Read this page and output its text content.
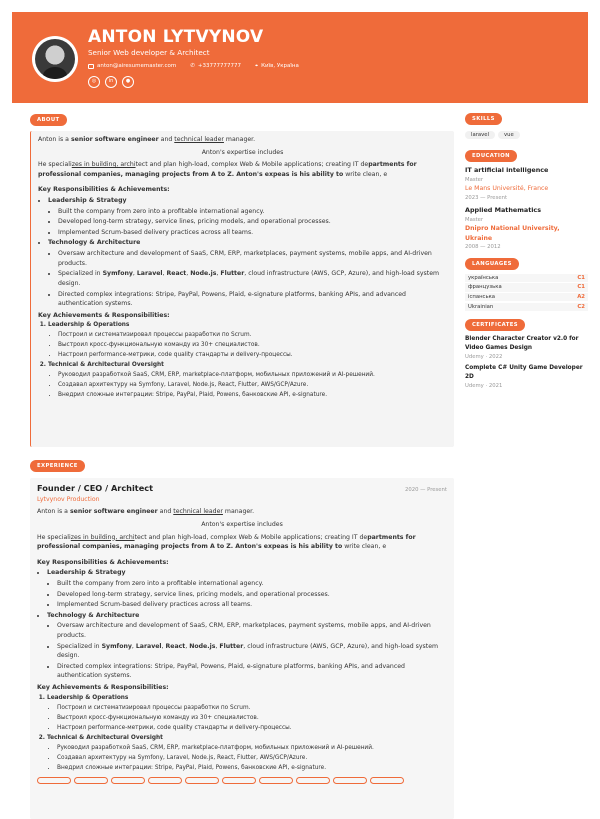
ANTON LYTVYNOV
Senior Web developer & Architect
anton@airesumemaster.com	✆ +33777777777	⌖ Київ, Україна
◎	in	●
ABOUT
Anton is a senior software engineer and technical leader manager.
Anton's expertise includes
He specializes in building, architect and plan high-load, complex Web & Mobile applications; creating IT departments for professional companies, managing projects from A to Z. Anton's expeas is his ability to write clean, e
Key Responsibilities & Achievements:
• Leadership & Strategy
• Built the company from zero into a profitable international agency.
• Developed long-term strategy, service lines, pricing models, and operational processes.
• Implemented Scrum-based delivery practices across all teams.
• Technology & Architecture
• Oversaw architecture and development of SaaS, CRM, ERP, marketplaces, payment systems, mobile apps, and AI-driven products.
• Specialized in Symfony, Laravel, React, Node.js, Flutter, cloud infrastructure (AWS, GCP, Azure), and high-load system design.
• Directed complex integrations: Stripe, PayPal, Powens, Plaid, e-signature platforms, banking APIs, and advanced authentication systems.
Key Achievements & Responsibilities:
1. Leadership & Operations
• Построил и систематизировал процессы разработки по Scrum.
• Выстроил кросс-функциональную команду из 30+ специалистов.
• Настроил performance-метрики, code quality стандарты и delivery-процессы.
2. Technical & Architectural Oversight
• Руководил разработкой SaaS, CRM, ERP, marketplace-платформ, мобильных приложений и AI-решений.
• Создавал архитектуру на Symfony, Laravel, Node.js, React, Flutter, AWS/GCP/Azure.
• Внедрил сложные интеграции: Stripe, PayPal, Plaid, Powens, банковские API, e-signature.
EXPERIENCE
Founder / CEO / Architect	2020 — Present
Lytvynov Production
Anton is a senior software engineer and technical leader manager.
Anton's expertise includes
He specializes in building, architect and plan high-load, complex Web & Mobile applications; creating IT departments for professional companies, managing projects from A to Z. Anton's expeas is his ability to write clean, e
Key Responsibilities & Achievements:
• Leadership & Strategy
• Built the company from zero into a profitable international agency.
• Developed long-term strategy, service lines, pricing models, and operational processes.
• Implemented Scrum-based delivery practices across all teams.
• Technology & Architecture
• Oversaw architecture and development of SaaS, CRM, ERP, marketplaces, payment systems, mobile apps, and AI-driven products.
• Specialized in Symfony, Laravel, React, Node.js, Flutter, cloud infrastructure (AWS, GCP, Azure), and high-load system design.
• Directed complex integrations: Stripe, PayPal, Powens, Plaid, e-signature platforms, banking APIs, and advanced authentication systems.
Key Achievements & Responsibilities:
1. Leadership & Operations
• Построил и систематизировал процессы разработки по Scrum.
• Выстроил кросс-функциональную команду из 30+ специалистов.
• Настроил performance-метрики, code quality стандарты и delivery-процессы.
2. Technical & Architectural Oversight
• Руководил разработкой SaaS, CRM, ERP, marketplace-платформ, мобильных приложений и AI-решений.
• Создавал архитектуру на Symfony, Laravel, Node.js, React, Flutter, AWS/GCP/Azure.
• Внедрил сложные интеграции: Stripe, PayPal, Plaid, Powens, банковские API, e-signature.
SKILLS
laravel	vue
EDUCATION
IT artificial intelligence
Master
Le Mans Université, France
2023 — Present
Applied Mathematics
Master
Dnipro National University, Ukraine
2008 — 2012
LANGUAGES
українська	C1
французька	C1
іспанська	A2
Ukrainian	C2
CERTIFICATES
Blender Character Creator v2.0 for Video Games Design
Udemy · 2022
Complete C# Unity Game Developer 2D
Udemy · 2021
